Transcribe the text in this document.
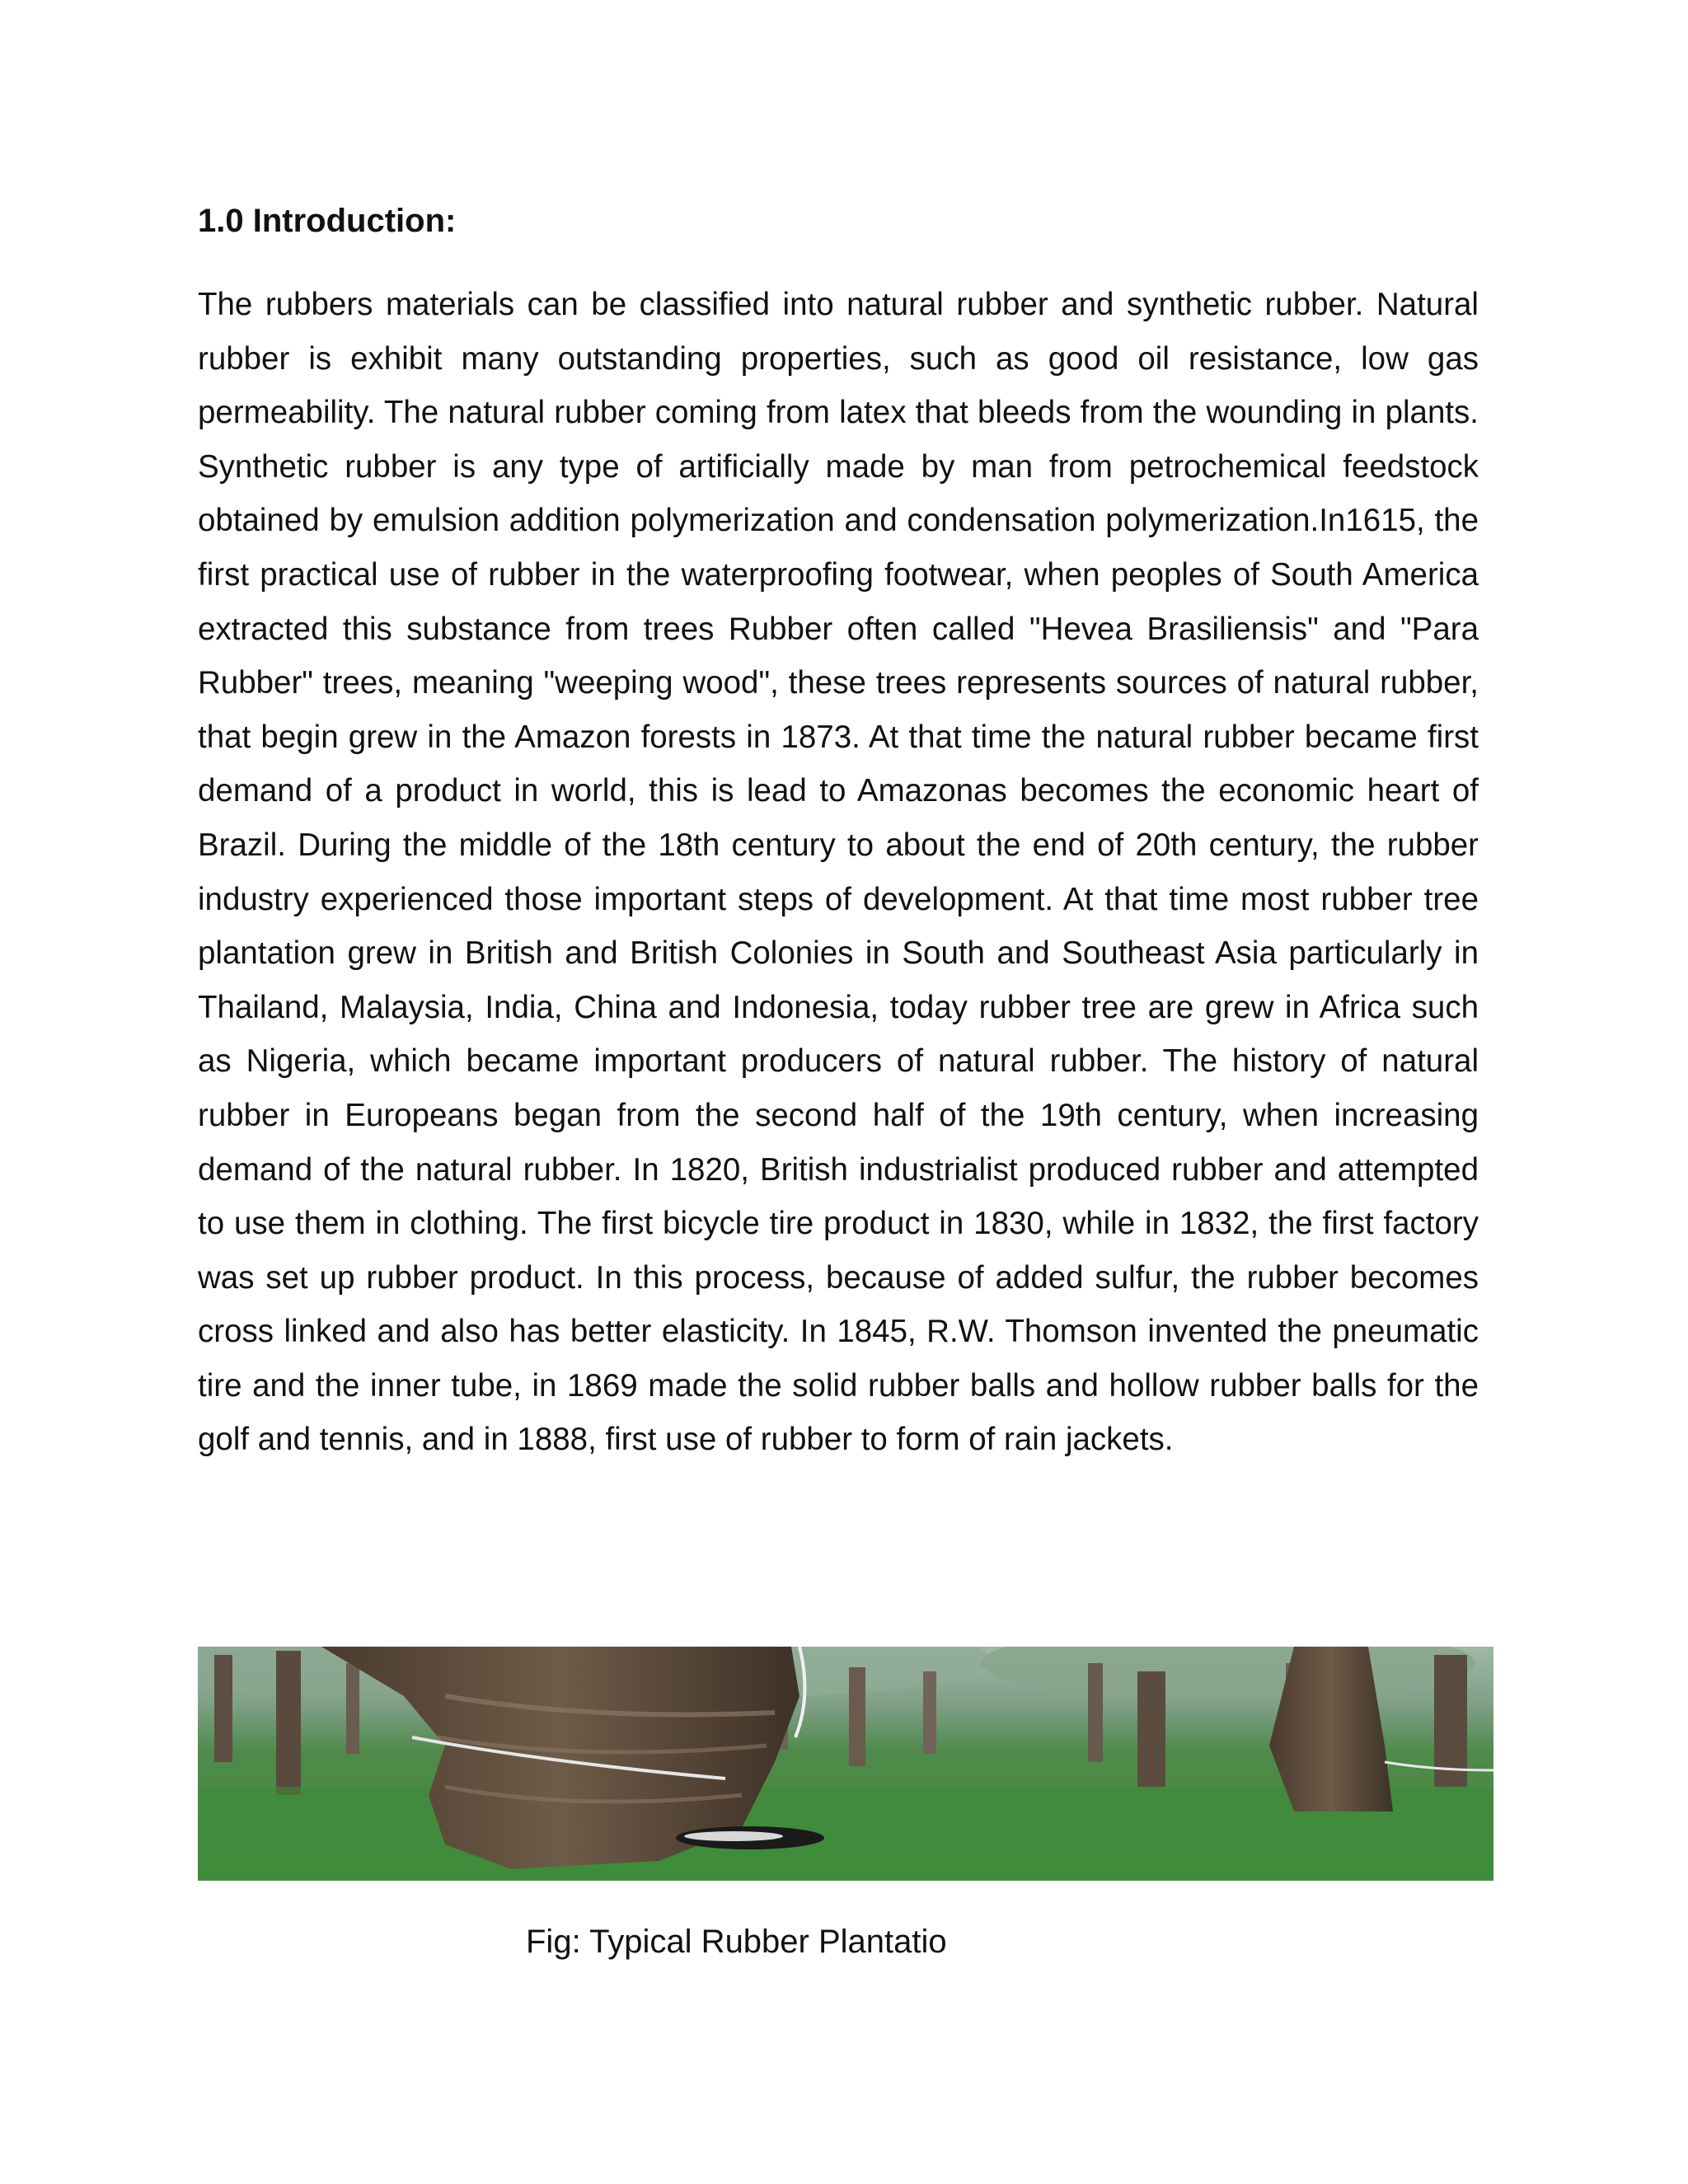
1.0 Introduction:

The rubbers materials can be classified into natural rubber and synthetic rubber. Natural rubber is exhibit many outstanding properties, such as good oil resistance, low gas permeability. The natural rubber coming from latex that bleeds from the wounding in plants. Synthetic rubber is any type of artificially made by man from petrochemical feedstock obtained by emulsion addition polymerization and condensation polymerization.In1615, the first practical use of rubber in the waterproofing footwear, when peoples of South America extracted this substance from trees Rubber often called "Hevea Brasiliensis" and "Para Rubber" trees, meaning "weeping wood", these trees represents sources of natural rubber, that begin grew in the Amazon forests in 1873. At that time the natural rubber became first demand of a product in world, this is lead to Amazonas becomes the economic heart of Brazil. During the middle of the 18th century to about the end of 20th century, the rubber industry experienced those important steps of development. At that time most rubber tree plantation grew in British and British Colonies in South and Southeast Asia particularly in Thailand, Malaysia, India, China and Indonesia, today rubber tree are grew in Africa such as Nigeria, which became important producers of natural rubber. The history of natural rubber in Europeans began from the second half of the 19th century, when increasing demand of the natural rubber. In 1820, British industrialist produced rubber and attempted to use them in clothing. The first bicycle tire product in 1830, while in 1832, the first factory was set up rubber product. In this process, because of added sulfur, the rubber becomes cross linked and also has better elasticity. In 1845, R.W. Thomson invented the pneumatic tire and the inner tube, in 1869 made the solid rubber balls and hollow rubber balls for the golf and tennis, and in 1888, first use of rubber to form of rain jackets.

Fig: Typical Rubber Plantatio
